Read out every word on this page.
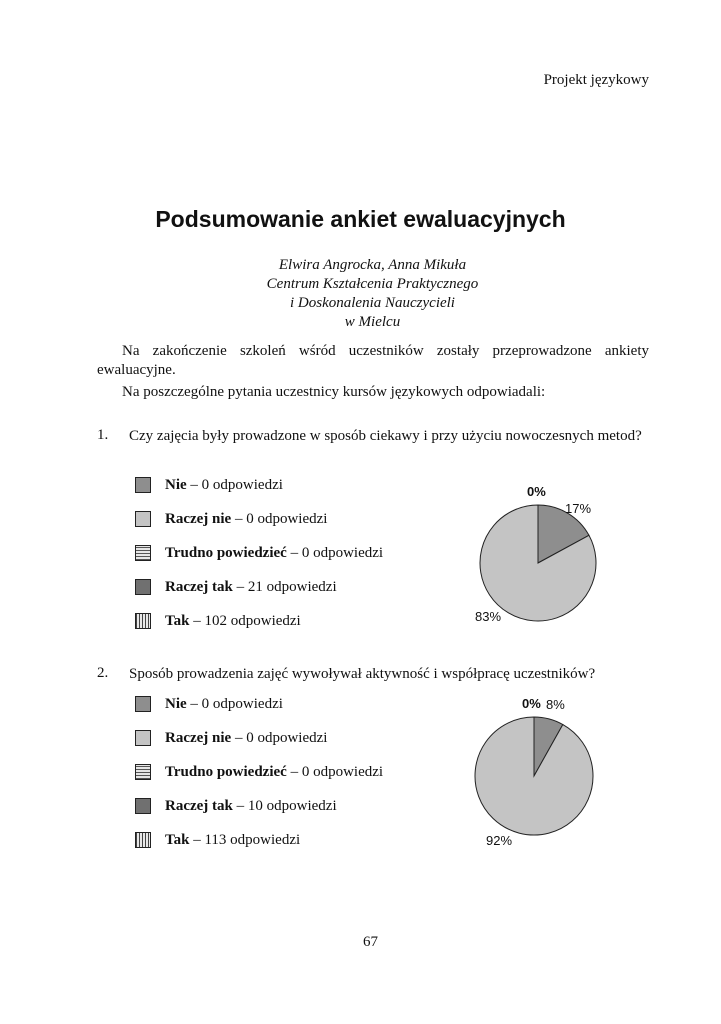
Projekt językowy
Podsumowanie ankiet ewaluacyjnych
Elwira Angrocka, Anna Mikuła
Centrum Kształcenia Praktycznego
i Doskonalenia Nauczycieli
w Mielcu
Na zakończenie szkoleń wśród uczestników zostały przeprowadzone ankiety ewaluacyjne.
Na poszczególne pytania uczestnicy kursów językowych odpowiadali:
1. Czy zajęcia były prowadzone w sposób ciekawy i przy użyciu nowoczesnych metod?
Nie – 0 odpowiedzi
Raczej nie – 0 odpowiedzi
Trudno powiedzieć – 0 odpowiedzi
Raczej tak – 21 odpowiedzi
Tak – 102 odpowiedzi
0%
17%
83%
2. Sposób prowadzenia zajęć wywoływał aktywność i współpracę uczestników?
Nie – 0 odpowiedzi
Raczej nie – 0 odpowiedzi
Trudno powiedzieć – 0 odpowiedzi
Raczej tak – 10 odpowiedzi
Tak – 113 odpowiedzi
0% 8%
92%
67
